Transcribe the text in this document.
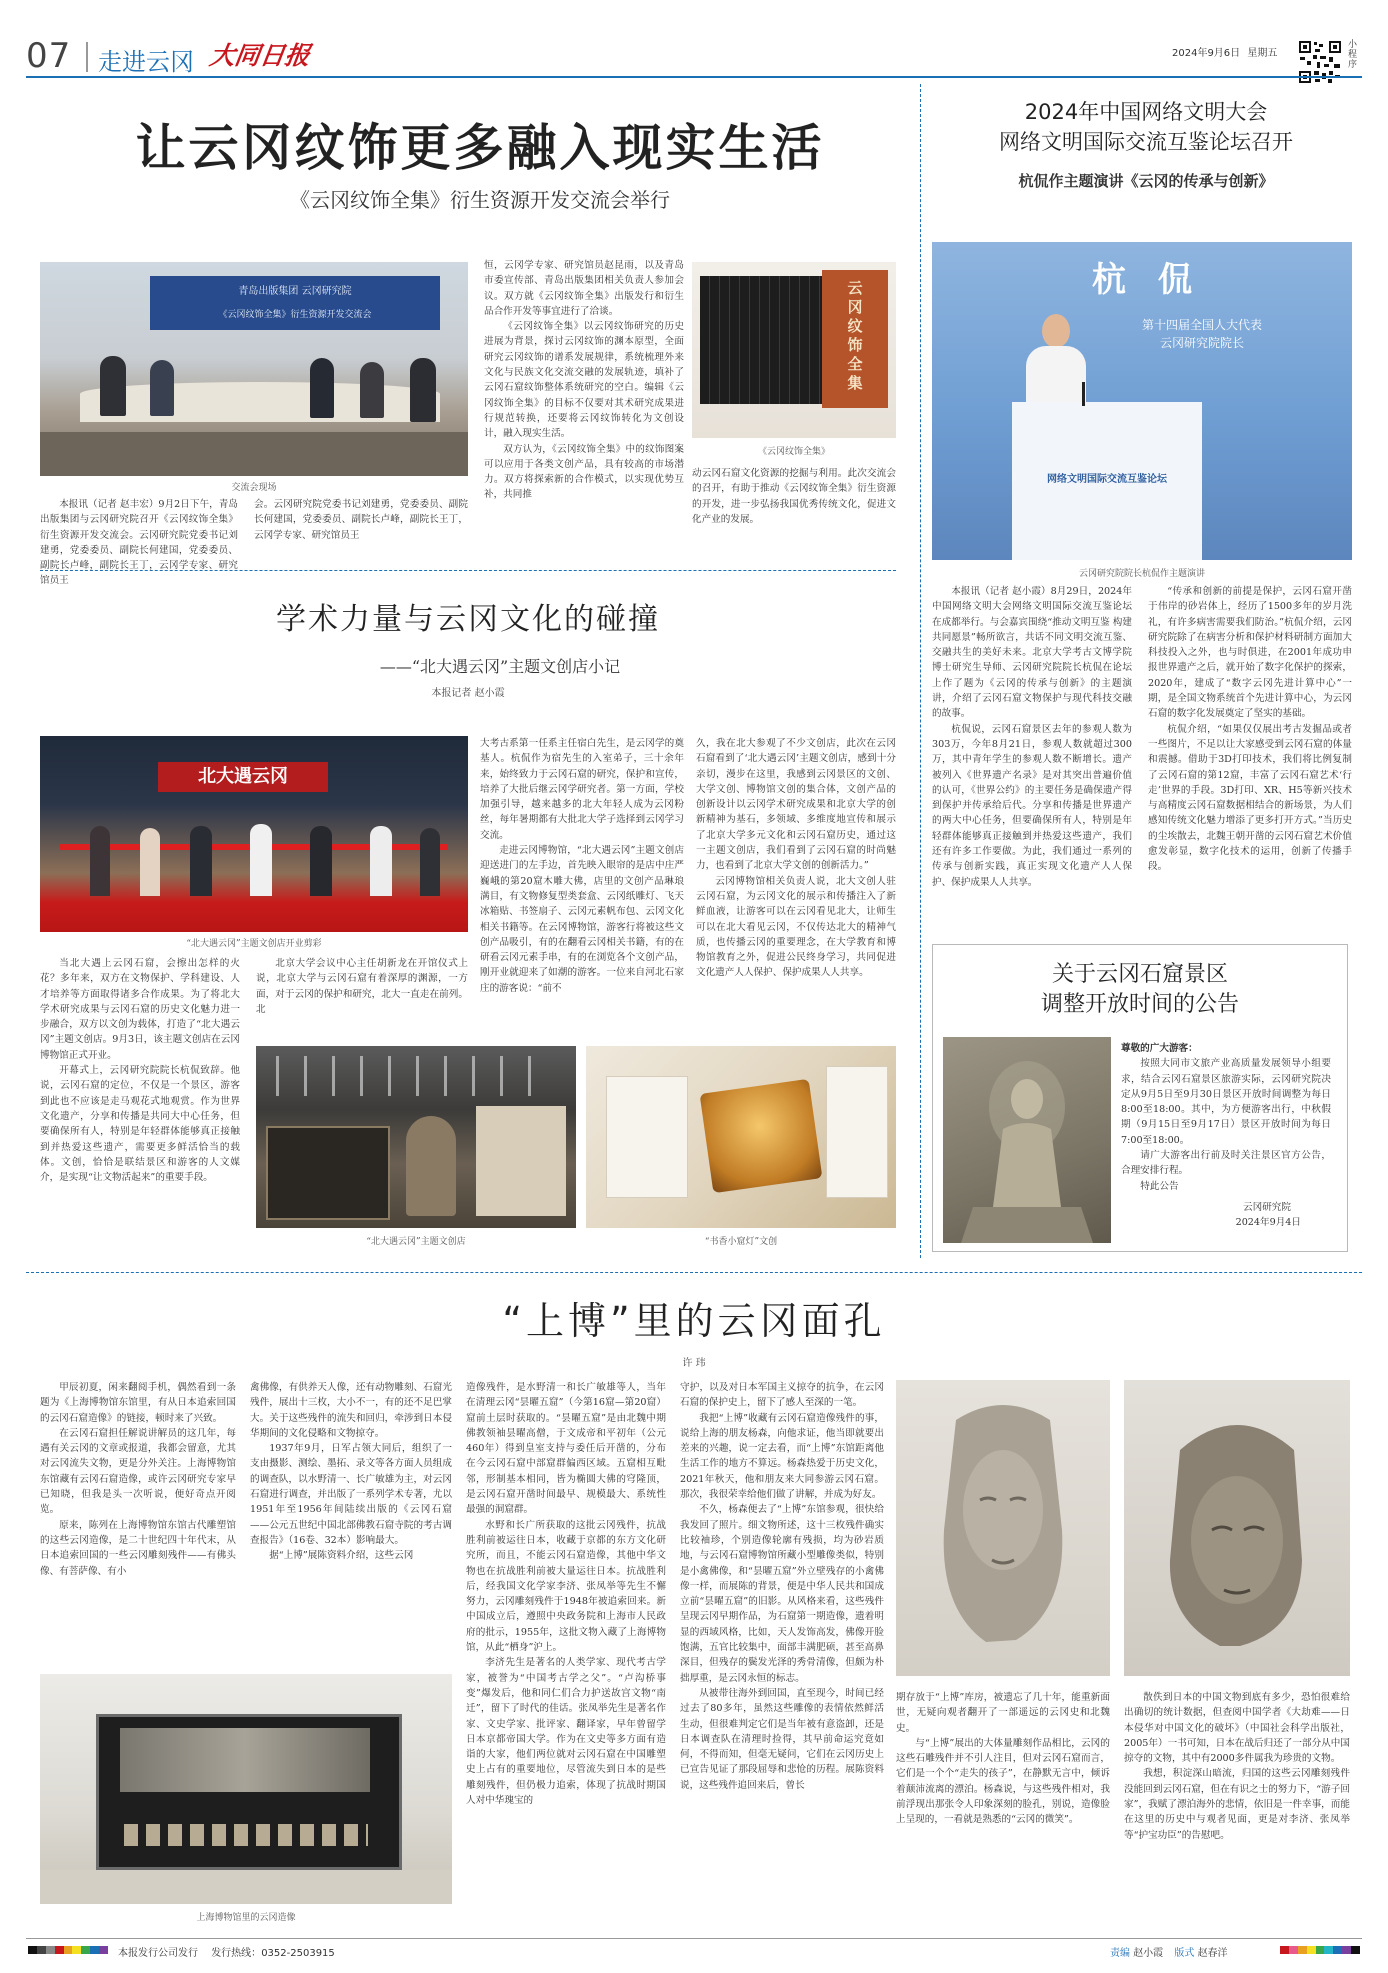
07 走进云冈 大同日报	2024年9月6日 星期五
小程序
让云冈纹饰更多融入现实生活
《云冈纹饰全集》衍生资源开发交流会举行
青岛出版集团 云冈研究院
《云冈纹饰全集》衍生资源开发交流会
交流会现场

本报讯（记者 赵丰宏）9月2日下午，青岛出版集团与云冈研究院召开《云冈纹饰全集》衍生资源开发交流会。云冈研究院党委书记刘建勇，党委委员、副院长何建国，党委委员、副院长卢峰，副院长王丁，云冈学专家、研究馆员王

会。云冈研究院党委书记刘建勇，党委委员、副院长何建国，党委委员、副院长卢峰，副院长王丁，云冈学专家、研究馆员王

恒，云冈学专家、研究馆员赵昆雨，以及青岛市委宣传部、青岛出版集团相关负责人参加会议。双方就《云冈纹饰全集》出版发行和衍生品合作开发等事宜进行了洽谈。

《云冈纹饰全集》以云冈纹饰研究的历史进展为背景，探讨云冈纹饰的渊本原型，全面研究云冈纹饰的谱系发展规律，系统梳理外来文化与民族文化交流交融的发展轨迹，填补了云冈石窟纹饰整体系统研究的空白。编辑《云冈纹饰全集》的目标不仅要对其术研究成果进行规范转换，还要将云冈纹饰转化为文创设计，融入现实生活。

双方认为，《云冈纹饰全集》中的纹饰图案可以应用于各类文创产品，具有较高的市场潜力。双方将探索新的合作模式，以实现优势互补，共同推

云冈纹饰全集
《云冈纹饰全集》

动云冈石窟文化资源的挖掘与利用。此次交流会的召开，有助于推动《云冈纹饰全集》衍生资源的开发，进一步弘扬我国优秀传统文化，促进文化产业的发展。

2024年中国网络文明大会
网络文明国际交流互鉴论坛召开
杭侃作主题演讲《云冈的传承与创新》
杭 侃
第十四届全国人大代表
云冈研究院院长
网络文明国际交流互鉴论坛
云冈研究院院长杭侃作主题演讲

本报讯（记者 赵小霞）8月29日，2024年中国网络文明大会网络文明国际交流互鉴论坛在成都举行。与会嘉宾围绕“推动文明互鉴 构建共同愿景”畅所欲言，共话不同文明交流互鉴、交融共生的美好未来。北京大学考古文博学院博士研究生导师、云冈研究院院长杭侃在论坛上作了题为《云冈的传承与创新》的主题演讲，介绍了云冈石窟文物保护与现代科技交融的故事。

杭侃说，云冈石窟景区去年的参观人数为303万，今年8月21日，参观人数就超过300万，其中青年学生的参观人数不断增长。遗产被列入《世界遗产名录》是对其突出普遍价值的认可，《世界公约》的主要任务是确保遗产得到保护并传承给后代。分享和传播是世界遗产的两大中心任务，但要确保所有人，特别是年轻群体能够真正接触到并热爱这些遗产，我们还有许多工作要做。为此，我们通过一系列的传承与创新实践，真正实现文化遗产人人保护、保护成果人人共享。

“传承和创新的前提是保护，云冈石窟开凿于伟岸的砂岩体上，经历了1500多年的岁月洗礼，有许多病害需要我们防治。”杭侃介绍，云冈研究院除了在病害分析和保护材料研制方面加大科技投入之外，也与时俱进，在2001年成功申报世界遗产之后，就开始了数字化保护的探索，2020年，建成了“数字云冈先进计算中心”一期，是全国文物系统首个先进计算中心，为云冈石窟的数字化发展奠定了坚实的基础。

杭侃介绍，“如果仅仅展出考古发掘品或者一些图片，不足以让大家感受到云冈石窟的体量和震撼。借助于3D打印技术，我们将比例复制了云冈石窟的第12窟，丰富了云冈石窟艺术‘行走’世界的手段。3D打印、XR、H5等新兴技术与高精度云冈石窟数据相结合的新场景，为人们感知传统文化魅力增添了更多打开方式。”当历史的尘埃散去，北魏王朝开凿的云冈石窟艺术价值愈发彰显，数字化技术的运用，创新了传播手段。

关于云冈石窟景区
调整开放时间的公告

尊敬的广大游客：

按照大同市文旅产业高质量发展领导小组要求，结合云冈石窟景区旅游实际，云冈研究院决定从9月5日至9月30日景区开放时间调整为每日8:00至18:00。其中，为方便游客出行，中秋假期（9月15日至9月17日）景区开放时间为每日7:00至18:00。

请广大游客出行前及时关注景区官方公告，合理安排行程。

特此公告

云冈研究院

2024年9月4日

学术力量与云冈文化的碰撞
——“北大遇云冈”主题文创店小记
本报记者 赵小霞
北大遇云冈
“北大遇云冈”主题文创店开业剪彩

当北大遇上云冈石窟，会擦出怎样的火花？多年来，双方在文物保护、学科建设、人才培养等方面取得诸多合作成果。为了将北大学术研究成果与云冈石窟的历史文化魅力进一步融合，双方以文创为载体，打造了“北大遇云冈”主题文创店。9月3日，该主题文创店在云冈博物馆正式开业。

开幕式上，云冈研究院院长杭侃致辞。他说，云冈石窟的定位，不仅是一个景区，游客到此也不应该是走马观花式地观赏。作为世界文化遗产，分享和传播是共同大中心任务，但要确保所有人，特别是年轻群体能够真正接触到并热爱这些遗产，需要更多鲜活恰当的载体。文创，恰恰是联结景区和游客的人文媒介，是实现“让文物活起来”的重要手段。

北京大学会议中心主任胡新龙在开馆仪式上说，北京大学与云冈石窟有着深厚的渊源，一方面，对于云冈的保护和研究，北大一直走在前列。北

大考古系第一任系主任宿白先生，是云冈学的奠基人。杭侃作为宿先生的入室弟子，三十余年来，始终致力于云冈石窟的研究，保护和宣传，培养了大批后继云冈学研究者。第一方面，学校加强引导，越来越多的北大年轻人成为云冈粉丝，每年暑期都有大批北大学子选择到云冈学习交流。

走进云冈博物馆，“北大遇云冈”主题文创店迎送进门的左手边，首先映入眼帘的是店中庄严巍峨的第20窟木雕大佛，店里的文创产品琳琅满目，有文物修复型类套盒、云冈纸雕灯、飞天冰箱贴、书签扇子、云冈元素帆布包、云冈文化相关书籍等。在云冈博物馆，游客行将被这些文创产品吸引，有的在翻看云冈相关书籍，有的在研看云冈元素手串，有的在浏览各个文创产品，刚开业就迎来了如潮的游客。一位来自河北石家庄的游客说：“前不

久，我在北大参观了不少文创店，此次在云冈石窟看到了‘北大遇云冈’主题文创店，感到十分亲切，漫步在这里，我感到云冈景区的文创、大学文创、博物馆文创的集合体，文创产品的创新设计以云冈学术研究成果和北京大学的创新精神为基石，多领域、多维度地宣传和展示了北京大学多元文化和云冈石窟历史，通过这一主题文创店，我们看到了云冈石窟的时尚魅力，也看到了北京大学文创的创新活力。”

云冈博物馆相关负责人说，北大文创人驻云冈石窟，为云冈文化的展示和传播注入了新鲜血液，让游客可以在云冈看见北大，让师生可以在北大看见云冈，不仅传达北大的精神气质，也传播云冈的重要理念，在大学教育和博物馆教育之外，促进公民终身学习，共同促进文化遗产人人保护、保护成果人人共享。

“北大遇云冈”主题文创店	“书香小窟灯”文创
“上博”里的云冈面孔
许 玮

甲辰初夏，闲来翻阅手机，偶然看到一条题为《上海博物馆东馆里，有从日本追索回国的云冈石窟造像》的链接，顿时来了兴致。

在云冈石窟担任解说讲解员的这几年，每遇有关云冈的文章或报道，我都会留意，尤其对云冈流失文物，更是分外关注。上海博物馆东馆藏有云冈石窟造像，或许云冈研究专家早已知晓，但我是头一次听说，便好奇点开阅览。

原来，陈列在上海博物馆东馆古代雕塑馆的这些云冈造像，是二十世纪四十年代末，从日本追索回国的一些云冈雕刻残件——有佛头像、有菩萨像、有小

禽佛像，有供养天人像，还有动物雕刻、石窟光残件，展出十三枚，大小不一，有的还不足巴掌大。关于这些残件的流失和回归，牵涉到日本侵华期间的文化侵略和文物掠夺。

1937年9月，日军占领大同后，组织了一支由摄影、测绘、墨拓、录文等各方面人员组成的调查队，以水野清一、长广敏雄为主，对云冈石窟进行调查，并出版了一系列学术专著，尤以1951年至1956年间陆续出版的《云冈石窟——公元五世纪中国北部佛教石窟寺院的考古调查报告》（16卷、32本）影响最大。

据“上博”展陈资料介绍，这些云冈

上海博物馆里的云冈造像

造像残件，是水野清一和长广敏雄等人，当年在清理云冈“昙曜五窟”（今第16窟—第20窟）窟前土层时获取的。“昙曜五窟”是由北魏中期佛教领袖昙曜高僧，于文成帝和平初年（公元460年）得到皇室支持与委任后开凿的，分布在今云冈石窟中部窟群偏西区域。五窟相互毗邻，形制基本相同，皆为椭圆大佛的穹隆顶，是云冈石窟开凿时间最早、规模最大、系统性最强的洞窟群。

水野和长广所获取的这批云冈残件，抗战胜利前被运往日本，收藏于京都的东方文化研究所，而且，不能云冈石窟造像，其他中华文物也在抗战胜利前被大量运往日本。抗战胜利后，经我国文化学家李济、张凤举等先生不懈努力，云冈雕刻残件于1948年被追索回来。新中国成立后，遵照中央政务院和上海市人民政府的批示，1955年，这批文物入藏了上海博物馆，从此“栖身”沪上。

李济先生是著名的人类学家、现代考古学家，被誉为“中国考古学之父”。“卢沟桥事变”爆发后，他和同仁们合力护送故宫文物“南迁”，留下了时代的佳话。张凤举先生是著名作家、文史学家、批评家、翻译家，早年曾留学日本京都帝国大学。作为在文史等多方面有造诣的大家，他们两位就对云冈石窟在中国雕塑史上占有的重要地位，尽管流失到日本的是些雕刻残件，但仍极力追索，体现了抗战时期国人对中华瑰宝的

守护，以及对日本军国主义掠夺的抗争，在云冈石窟的保护史上，留下了感人至深的一笔。

我把“上博”收藏有云冈石窟造像残件的事，说给上海的朋友杨森，向他求证，他当即就要出差来的兴趣，说一定去看，而“上博”东馆距离他生活工作的地方不算远。杨森热爱于历史文化，2021年秋天，他和朋友来大同参游云冈石窟。那次，我很荣幸给他们做了讲解，并成为好友。

不久，杨森便去了“上博”东馆参观，很快给我发回了照片。细文物所述，这十三枚残件确实比较袖珍，个别造像轮廓有残损，均为砂岩质地，与云冈石窟博物馆所藏小型雕像类似，特别是小禽佛像，和“昙曜五窟”外立壁残存的小禽佛像一样，而展陈的背景，便是中华人民共和国成立前“昙曜五窟”的旧影。从风格来看，这些残件呈现云冈早期作品，为石窟第一期造像，遗着明显的西域风格，比如，天人发饰高发，佛像开脸饱满，五官比较集中，面部丰满肥硕，甚至高鼻深目，但残存的鬓发光泽的秀骨清像，但颇为朴拙厚重，是云冈永恒的标志。

从被带往海外到回国，直至现今，时间已经过去了80多年，虽然这些雕像的表情依然鲜活生动，但很难判定它们是当年被有意盗卸，还是日本调查队在清理时捡得，其早前命运究竟如何，不得而知，但毫无疑问，它们在云冈历史上已宣告见证了那段屈辱和悲怆的历程。展陈资料说，这些残件追回来后，曾长

期存放于“上博”库房，被遗忘了几十年，能重新面世，无疑向观者翻开了一部遥远的云冈史和北魏史。

与“上博”展出的大体量雕刻作品相比，云冈的这些石雕残件并不引人注目，但对云冈石窟而言，它们是一个个“走失的孩子”，在静默无言中，倾诉着颠沛流离的漂泊。杨森说，与这些残件相对，我前浮现出那张令人印象深刻的脸孔，别说，造像脸上呈现的，一看就是熟悉的“云冈的微笑”。

散佚到日本的中国文物到底有多少，恐怕很难给出确切的统计数据，但查阅中国学者《大劫难——日本侵华对中国文化的破坏》（中国社会科学出版社，2005年）一书可知，日本在战后归还了一部分从中国掠夺的文物，其中有2000多件属我为珍贵的文物。

我想，积淀深山暗流，归国的这些云冈雕刻残件没能回到云冈石窟，但在有识之士的努力下，“游子回家”，我赋了漂泊海外的悲情，依旧是一件幸事，而能在这里的历史中与观者见面，更是对李济、张凤举等“护宝功臣”的告慰吧。

本报发行公司发行 发行热线：0352-2503915	责编 赵小霞 版式 赵春洋
